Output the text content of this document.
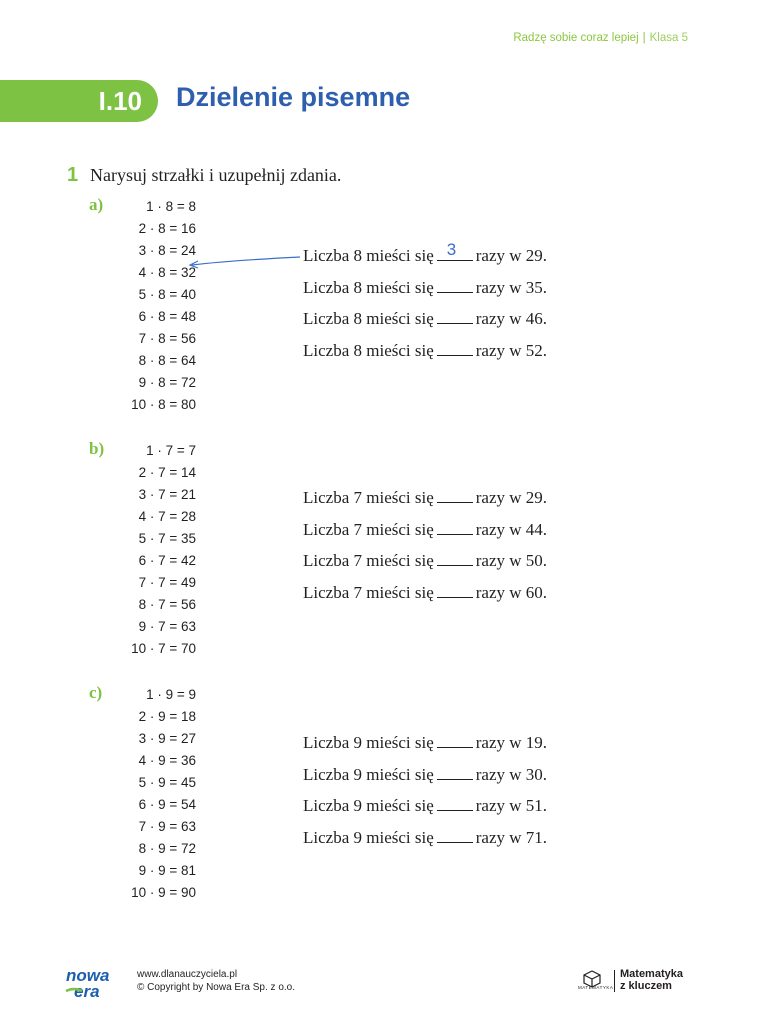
Radzę sobie coraz lepiej | Klasa 5
I.10	Dzielenie pisemne
1 Narysuj strzałki i uzupełnij zdania.
a)	1 · 8 = 8
2 · 8 = 16
3 · 8 = 24
4 · 8 = 32
5 · 8 = 40
6 · 8 = 48
7 · 8 = 56
8 · 8 = 64
9 · 8 = 72
10 · 8 = 80
Liczba 8 mieści się 3 razy w 29.
Liczba 8 mieści się razy w 35.
Liczba 8 mieści się razy w 46.
Liczba 8 mieści się razy w 52.
b)	1 · 7 = 7
2 · 7 = 14
3 · 7 = 21
4 · 7 = 28
5 · 7 = 35
6 · 7 = 42
7 · 7 = 49
8 · 7 = 56
9 · 7 = 63
10 · 7 = 70
Liczba 7 mieści się razy w 29.
Liczba 7 mieści się razy w 44.
Liczba 7 mieści się razy w 50.
Liczba 7 mieści się razy w 60.
c)	1 · 9 = 9
2 · 9 = 18
3 · 9 = 27
4 · 9 = 36
5 · 9 = 45
6 · 9 = 54
7 · 9 = 63
8 · 9 = 72
9 · 9 = 81
10 · 9 = 90
Liczba 9 mieści się razy w 19.
Liczba 9 mieści się razy w 30.
Liczba 9 mieści się razy w 51.
Liczba 9 mieści się razy w 71.
nowa
era
www.dlanauczyciela.pl
© Copyright by Nowa Era Sp. z o.o.	MATEMATYKA
Matematyka
z kluczem
